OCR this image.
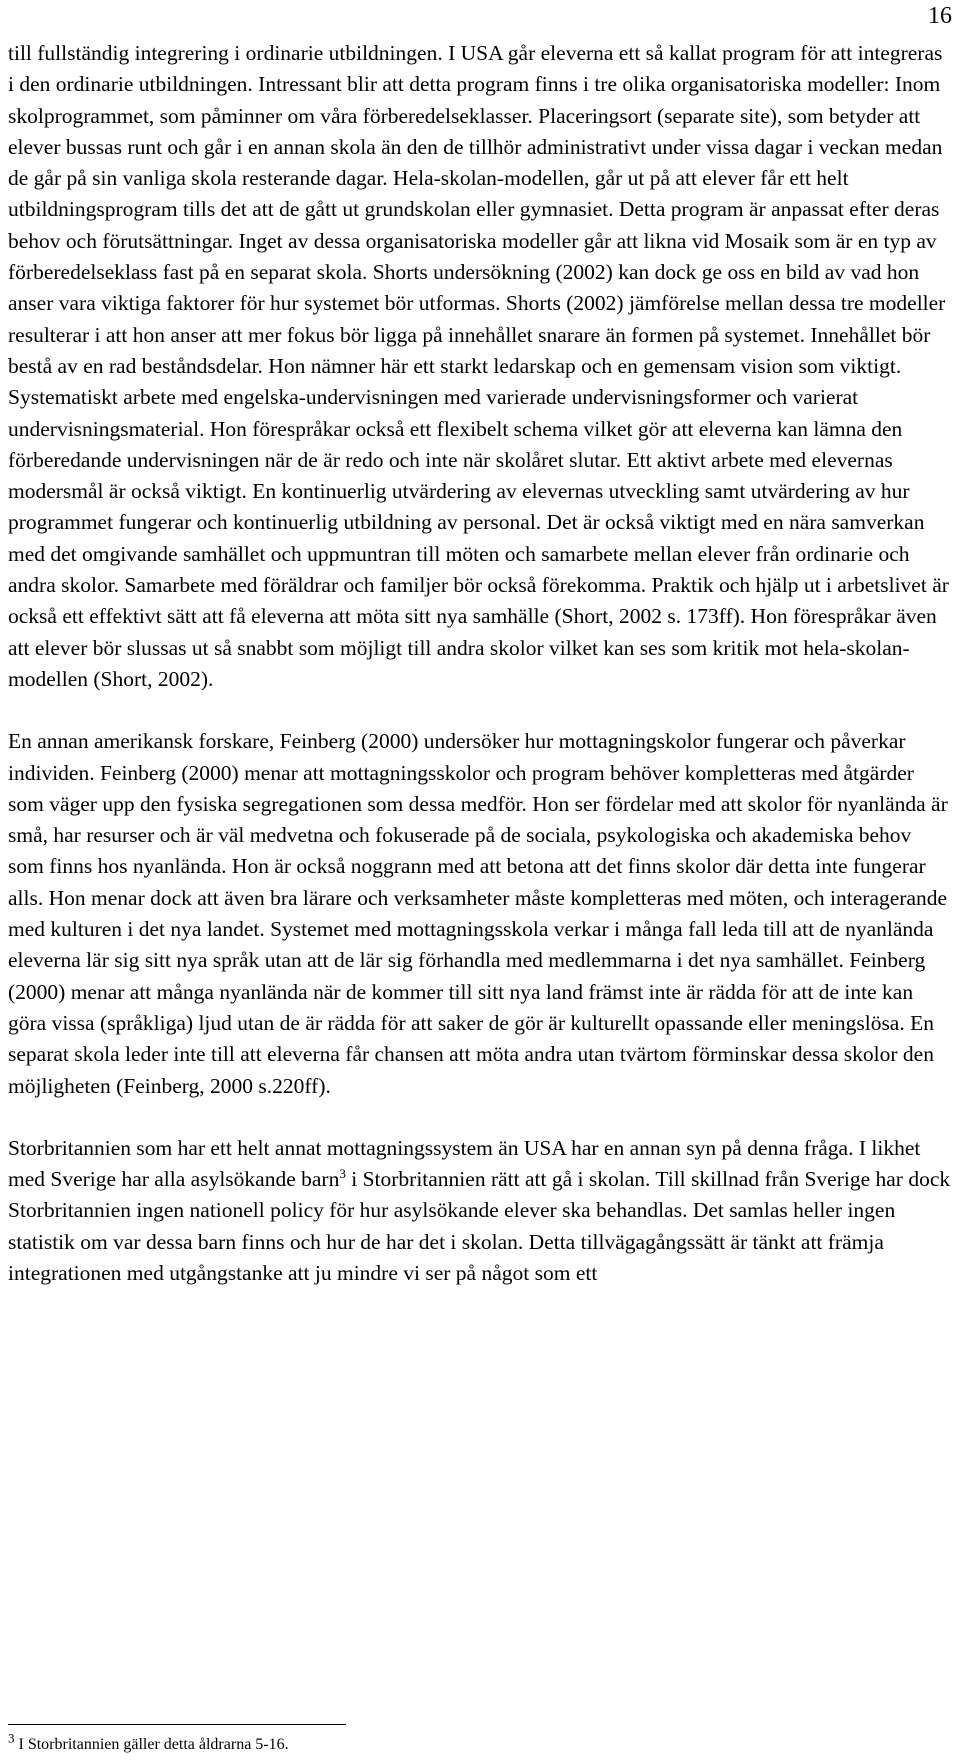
16

till fullständig integrering i ordinarie utbildningen. I USA går eleverna ett så kallat program för att integreras i den ordinarie utbildningen. Intressant blir att detta program finns i tre olika organisatoriska modeller: Inom skolprogrammet, som påminner om våra förberedelseklasser. Placeringsort (separate site), som betyder att elever bussas runt och går i en annan skola än den de tillhör administrativt under vissa dagar i veckan medan de går på sin vanliga skola resterande dagar. Hela-skolan-modellen, går ut på att elever får ett helt utbildningsprogram tills det att de gått ut grundskolan eller gymnasiet. Detta program är anpassat efter deras behov och förutsättningar. Inget av dessa organisatoriska modeller går att likna vid Mosaik som är en typ av förberedelseklass fast på en separat skola. Shorts undersökning (2002) kan dock ge oss en bild av vad hon anser vara viktiga faktorer för hur systemet bör utformas. Shorts (2002) jämförelse mellan dessa tre modeller resulterar i att hon anser att mer fokus bör ligga på innehållet snarare än formen på systemet. Innehållet bör bestå av en rad beståndsdelar. Hon nämner här ett starkt ledarskap och en gemensam vision som viktigt. Systematiskt arbete med engelska-undervisningen med varierade undervisningsformer och varierat undervisningsmaterial. Hon förespråkar också ett flexibelt schema vilket gör att eleverna kan lämna den förberedande undervisningen när de är redo och inte när skolåret slutar. Ett aktivt arbete med elevernas modersmål är också viktigt. En kontinuerlig utvärdering av elevernas utveckling samt utvärdering av hur programmet fungerar och kontinuerlig utbildning av personal. Det är också viktigt med en nära samverkan med det omgivande samhället och uppmuntran till möten och samarbete mellan elever från ordinarie och andra skolor. Samarbete med föräldrar och familjer bör också förekomma. Praktik och hjälp ut i arbetslivet är också ett effektivt sätt att få eleverna att möta sitt nya samhälle (Short, 2002 s. 173ff). Hon förespråkar även att elever bör slussas ut så snabbt som möjligt till andra skolor vilket kan ses som kritik mot hela-skolan-modellen (Short, 2002).

En annan amerikansk forskare, Feinberg (2000) undersöker hur mottagningskolor fungerar och påverkar individen. Feinberg (2000) menar att mottagningsskolor och program behöver kompletteras med åtgärder som väger upp den fysiska segregationen som dessa medför. Hon ser fördelar med att skolor för nyanlända är små, har resurser och är väl medvetna och fokuserade på de sociala, psykologiska och akademiska behov som finns hos nyanlända. Hon är också noggrann med att betona att det finns skolor där detta inte fungerar alls. Hon menar dock att även bra lärare och verksamheter måste kompletteras med möten, och interagerande med kulturen i det nya landet. Systemet med mottagningsskola verkar i många fall leda till att de nyanlända eleverna lär sig sitt nya språk utan att de lär sig förhandla med medlemmarna i det nya samhället. Feinberg (2000) menar att många nyanlända när de kommer till sitt nya land främst inte är rädda för att de inte kan göra vissa (språkliga) ljud utan de är rädda för att saker de gör är kulturellt opassande eller meningslösa. En separat skola leder inte till att eleverna får chansen att möta andra utan tvärtom förminskar dessa skolor den möjligheten (Feinberg, 2000 s.220ff).

Storbritannien som har ett helt annat mottagningssystem än USA har en annan syn på denna fråga. I likhet med Sverige har alla asylsökande barn$^3$ i Storbritannien rätt att gå i skolan. Till skillnad från Sverige har dock Storbritannien ingen nationell policy för hur asylsökande elever ska behandlas. Det samlas heller ingen statistik om var dessa barn finns och hur de har det i skolan. Detta tillvägagångssätt är tänkt att främja integrationen med utgångstanke att ju mindre vi ser på något som ett

$^3$ I Storbritannien gäller detta åldrarna 5-16.
